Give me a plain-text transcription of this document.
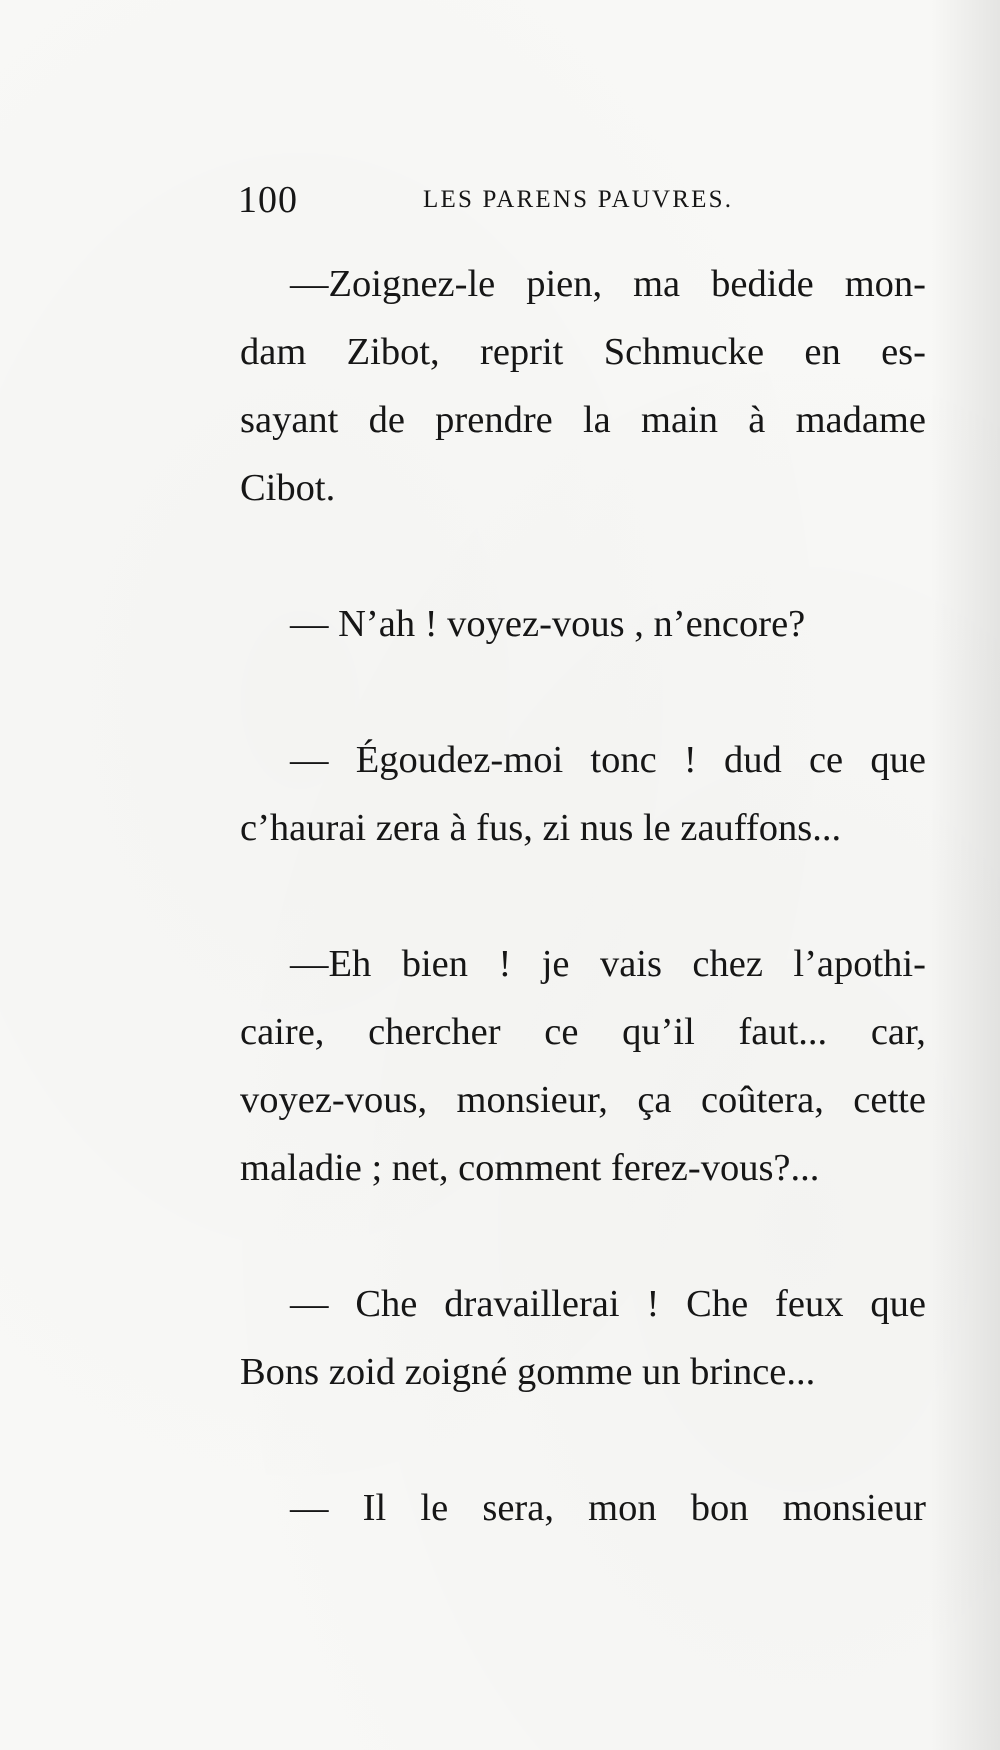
100	LES PARENS PAUVRES.
—Zoignez-le pien, ma bedide mon-
dam Zibot, reprit Schmucke en es-
sayant de prendre la main à madame
Cibot.
— N’ah ! voyez-vous , n’encore?
— Égoudez-moi tonc ! dud ce que
c’haurai zera à fus, zi nus le zauffons...
—Eh bien ! je vais chez l’apothi-
caire, chercher ce qu’il faut... car,
voyez-vous, monsieur, ça coûtera, cette
maladie ; net, comment ferez-vous?...
— Che dravaillerai ! Che feux que
Bons zoid zoigné gomme un brince...
— Il le sera, mon bon monsieur
